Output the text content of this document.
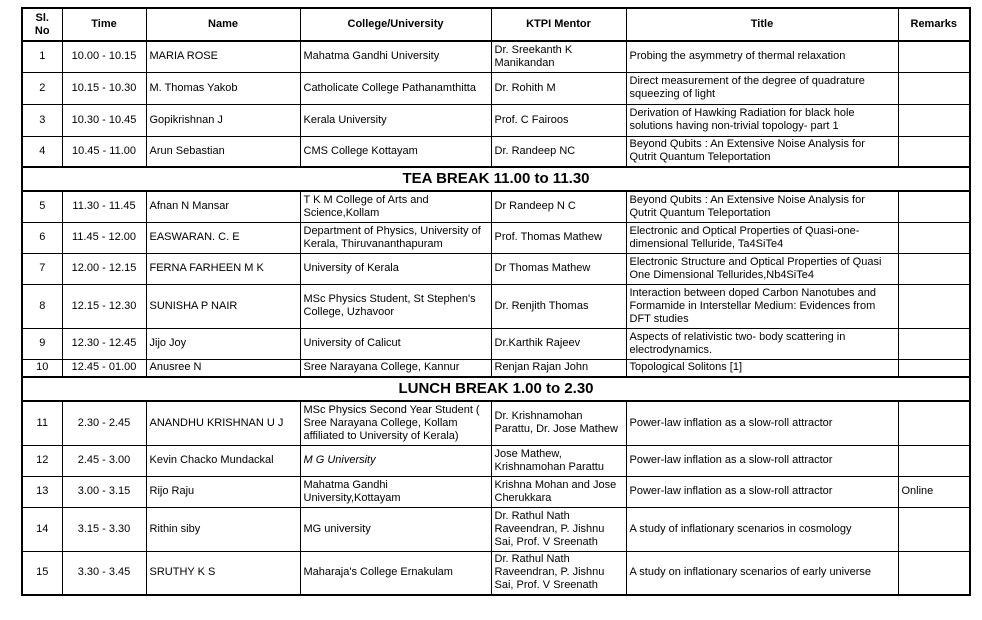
Sl.
No	Time	Name	College/University	KTPI Mentor	Title	Remarks
1	10.00 - 10.15	MARIA ROSE	Mahatma Gandhi University	Dr. Sreekanth K Manikandan	Probing the asymmetry of thermal relaxation	
2	10.15 - 10.30	M. Thomas Yakob	Catholicate College Pathanamthitta	Dr. Rohith M	Direct measurement of the degree of quadrature squeezing of light	
3	10.30 - 10.45	Gopikrishnan J	Kerala University	Prof. C Fairoos	Derivation of Hawking Radiation for black hole solutions having non-trivial topology- part 1	
4	10.45 - 11.00	Arun Sebastian	CMS College Kottayam	Dr. Randeep NC	Beyond Qubits : An Extensive Noise Analysis for Qutrit Quantum Teleportation	
TEA BREAK 11.00 to 11.30						
5	11.30 - 11.45	Afnan N Mansar	T K M College of Arts and Science,Kollam	Dr Randeep N C	Beyond Qubits : An Extensive Noise Analysis for Qutrit Quantum Teleportation	
6	11.45 - 12.00	EASWARAN. C. E	Department of Physics, University of Kerala, Thiruvananthapuram	Prof. Thomas Mathew	Electronic and Optical Properties of Quasi-one-dimensional Telluride, Ta4SiTe4	
7	12.00 - 12.15	FERNA FARHEEN M K	University of Kerala	Dr Thomas Mathew	Electronic Structure and Optical Properties of Quasi One Dimensional Tellurides,Nb4SiTe4	
8	12.15 - 12.30	SUNISHA P NAIR	MSc Physics Student, St Stephen's College, Uzhavoor	Dr. Renjith Thomas	Interaction between doped Carbon Nanotubes and Formamide in Interstellar Medium: Evidences from DFT studies	
9	12.30 - 12.45	Jijo Joy	University of Calicut	Dr.Karthik Rajeev	Aspects of relativistic two- body scattering in electrodynamics.	
10	12.45 - 01.00	Anusree N	Sree Narayana College, Kannur	Renjan Rajan John	Topological Solitons [1]	
LUNCH BREAK 1.00 to 2.30						
11	2.30 - 2.45	ANANDHU KRISHNAN U J	MSc Physics Second Year Student ( Sree Narayana College, Kollam affiliated to University of Kerala)	Dr. Krishnamohan Parattu, Dr. Jose Mathew	Power-law inflation as a slow-roll attractor	
12	2.45 - 3.00	Kevin Chacko Mundackal	M G University	Jose Mathew, Krishnamohan Parattu	Power-law inflation as a slow-roll attractor	
13	3.00 - 3.15	Rijo Raju	Mahatma Gandhi University,Kottayam	Krishna Mohan and Jose Cherukkara	Power-law inflation as a slow-roll attractor	Online
14	3.15 - 3.30	Rithin siby	MG university	Dr. Rathul Nath Raveendran, P. Jishnu Sai, Prof. V Sreenath	A study of inflationary scenarios in cosmology	
15	3.30 - 3.45	SRUTHY K S	Maharaja's College Ernakulam	Dr. Rathul Nath Raveendran, P. Jishnu Sai, Prof. V Sreenath	A study on inflationary scenarios of early universe	
